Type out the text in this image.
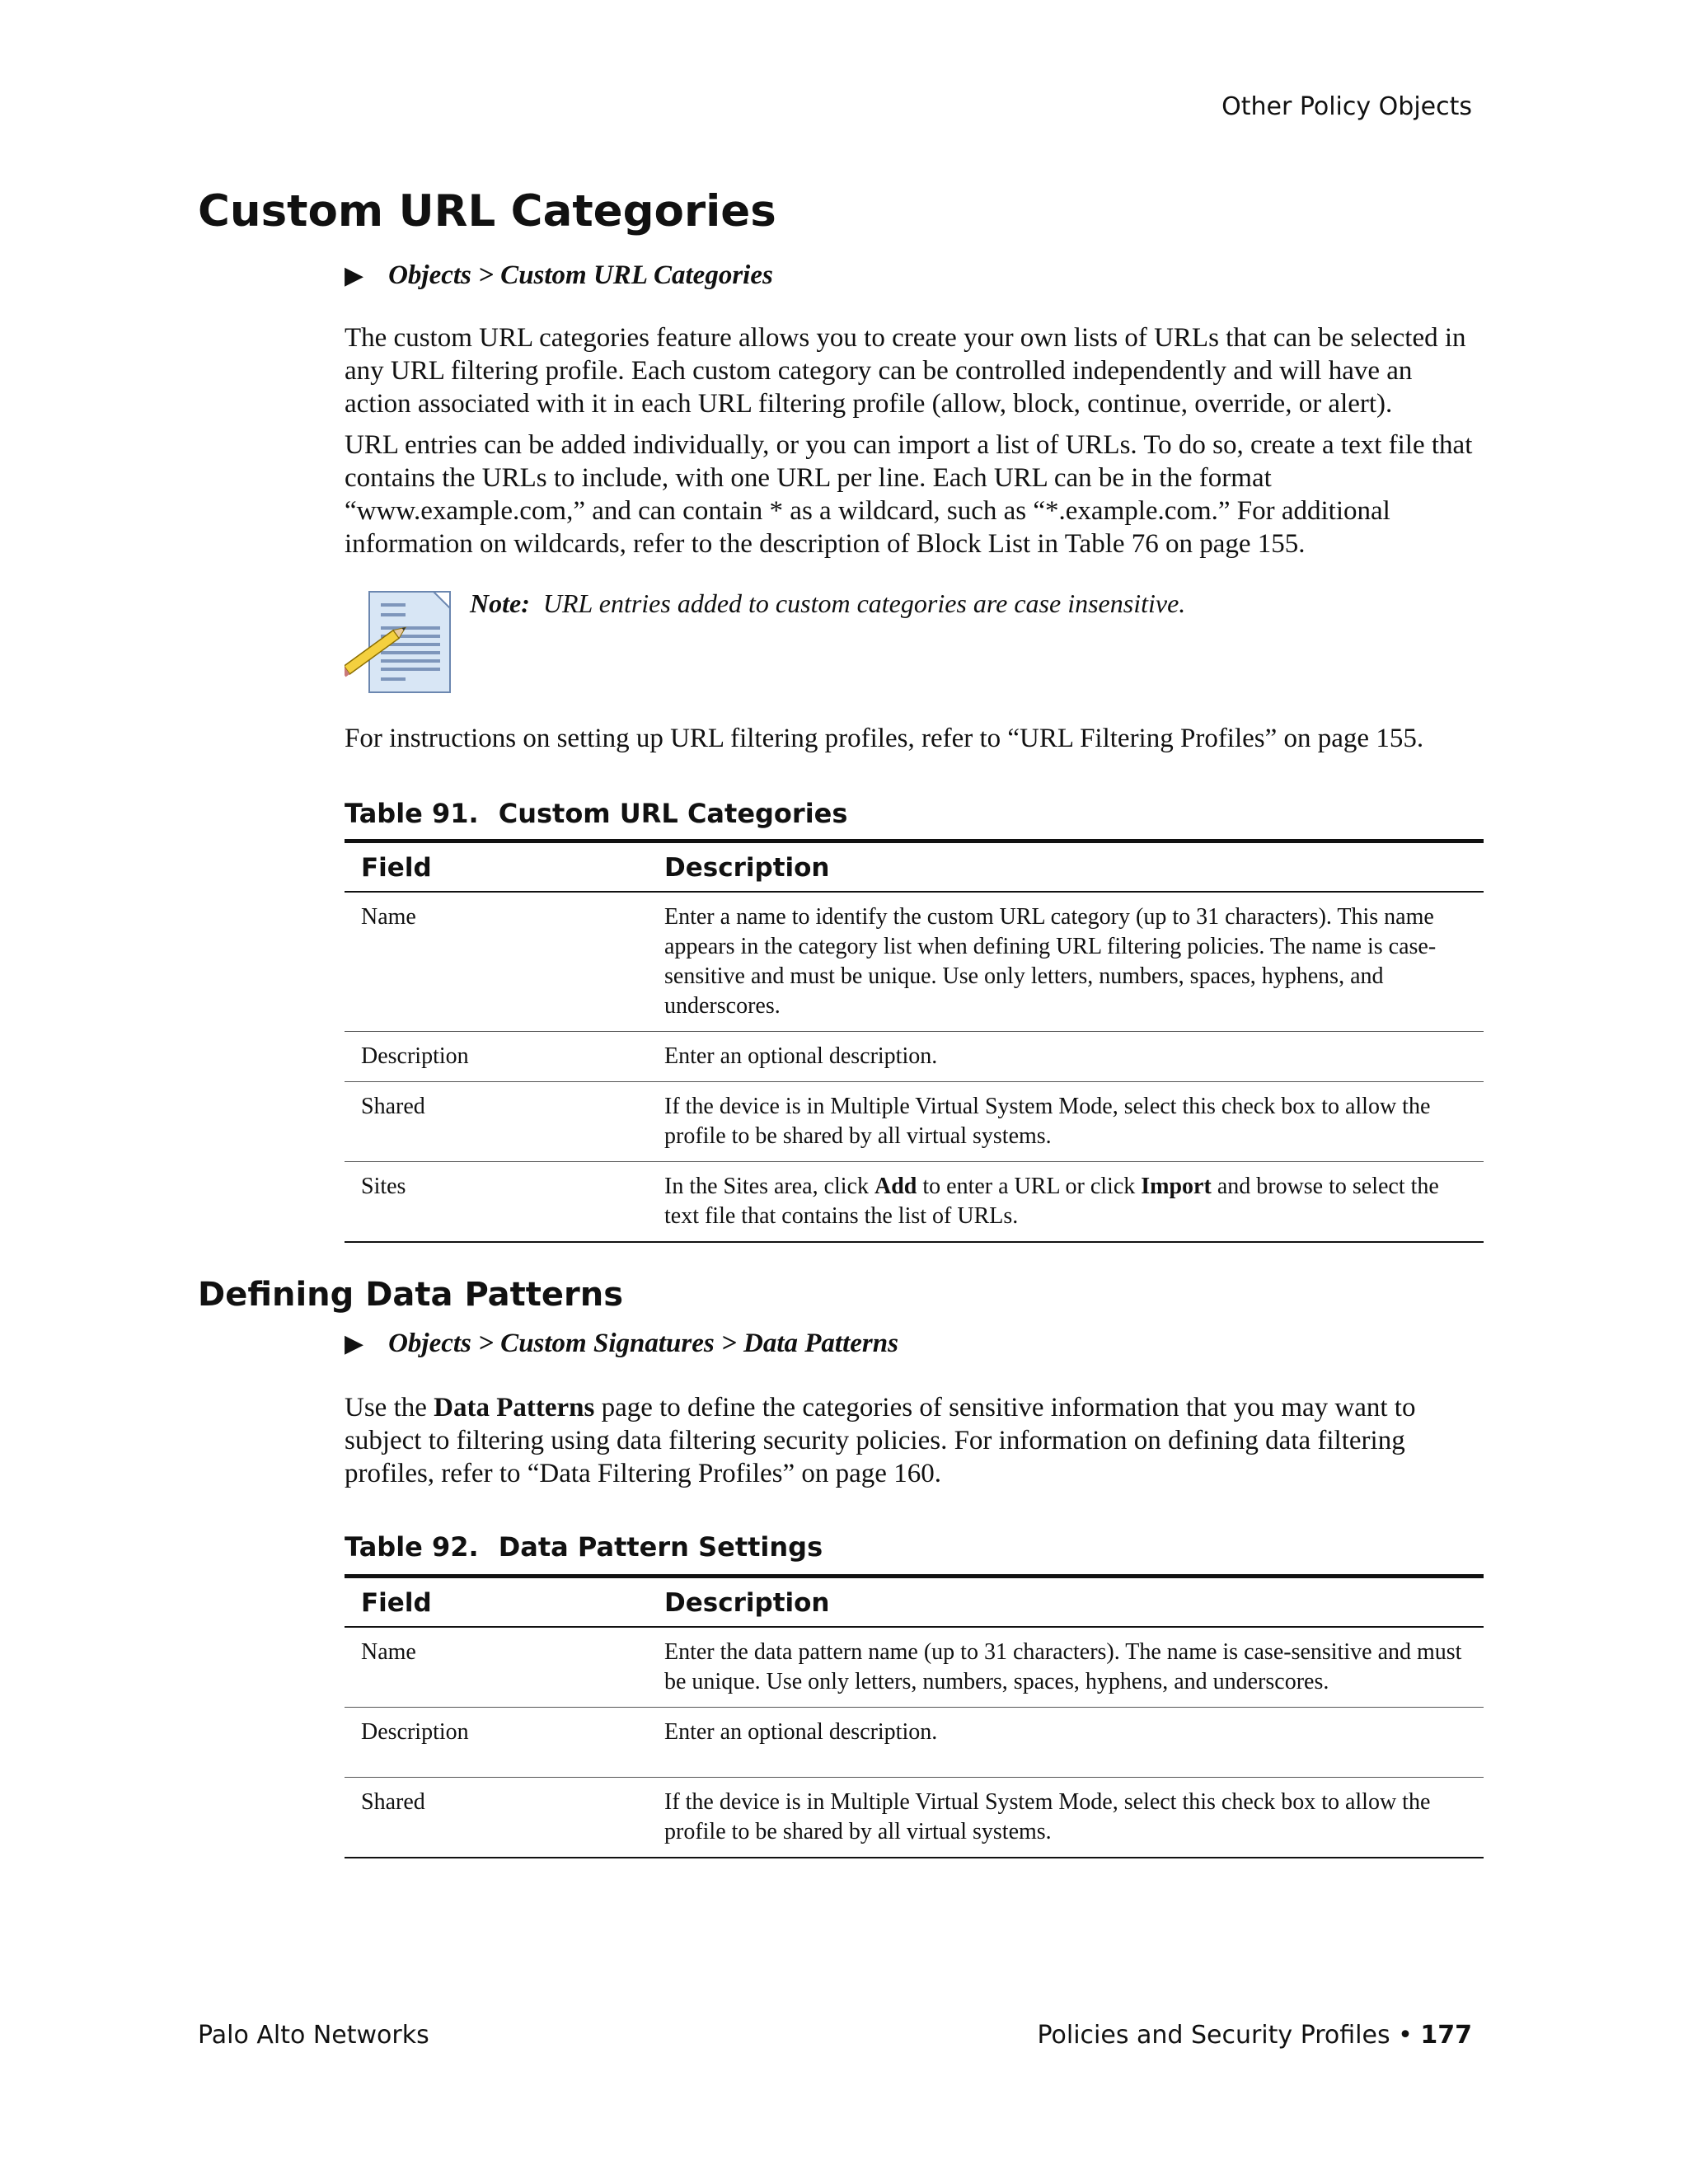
Other Policy Objects
Custom URL Categories
▶ Objects > Custom URL Categories

The custom URL categories feature allows you to create your own lists of URLs that can be selected in any URL filtering profile. Each custom category can be controlled independently and will have an action associated with it in each URL filtering profile (allow, block, continue, override, or alert).

URL entries can be added individually, or you can import a list of URLs. To do so, create a text file that contains the URLs to include, with one URL per line. Each URL can be in the format “www.example.com,” and can contain * as a wildcard, such as “*.example.com.” For additional information on wildcards, refer to the description of Block List in Table 76 on page 155.

Note: URL entries added to custom categories are case insensitive.

For instructions on setting up URL filtering profiles, refer to “URL Filtering Profiles” on page 155.

Table 91. Custom URL Categories
Field	Description
Name	Enter a name to identify the custom URL category (up to 31 characters). This name appears in the category list when defining URL filtering policies. The name is case-sensitive and must be unique. Use only letters, numbers, spaces, hyphens, and underscores.
Description	Enter an optional description.
Shared	If the device is in Multiple Virtual System Mode, select this check box to allow the profile to be shared by all virtual systems.
Sites	In the Sites area, click Add to enter a URL or click Import and browse to select the text file that contains the list of URLs.
Defining Data Patterns
▶ Objects > Custom Signatures > Data Patterns

Use the Data Patterns page to define the categories of sensitive information that you may want to subject to filtering using data filtering security policies. For information on defining data filtering profiles, refer to “Data Filtering Profiles” on page 160.

Table 92. Data Pattern Settings
Field	Description
Name	Enter the data pattern name (up to 31 characters). The name is case-sensitive and must be unique. Use only letters, numbers, spaces, hyphens, and underscores.
Description	Enter an optional description.
Shared	If the device is in Multiple Virtual System Mode, select this check box to allow the profile to be shared by all virtual systems.
Palo Alto Networks	Policies and Security Profiles • 177
